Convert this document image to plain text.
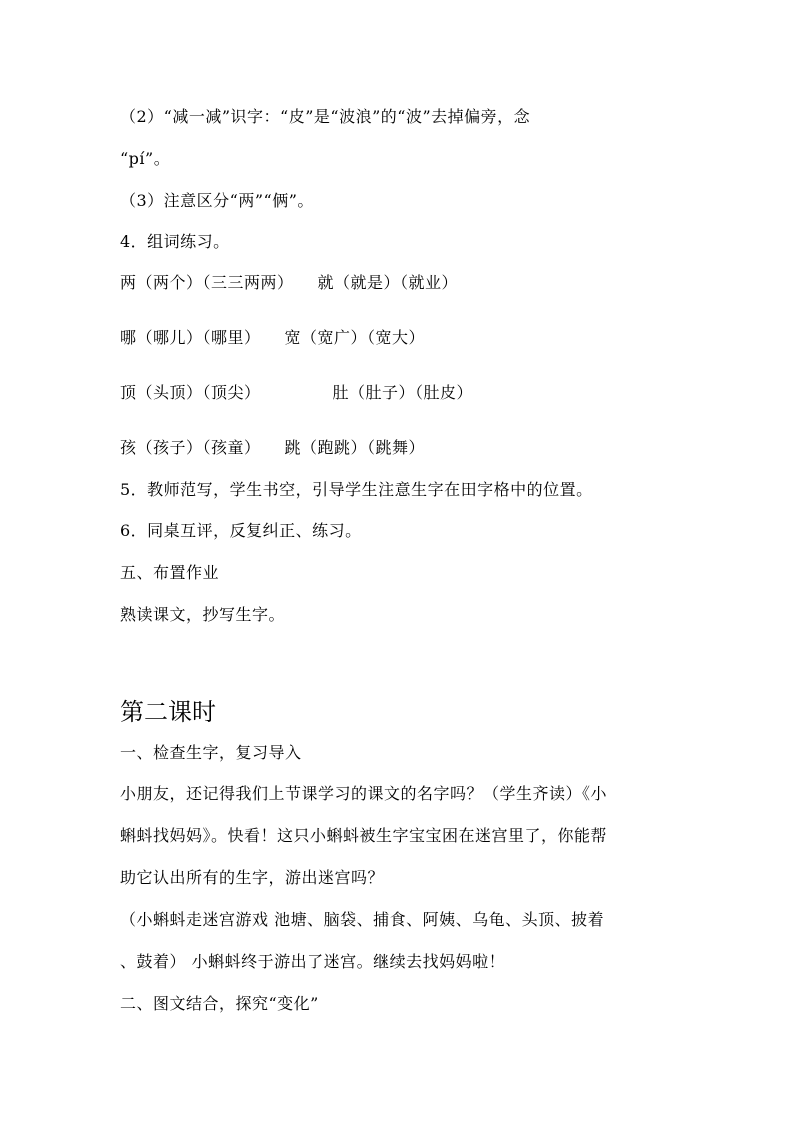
（2）“减一减”识字：“皮”是“波浪”的“波”去掉偏旁，念
“pí”。
（3）注意区分“两”“俩”。
4．组词练习。
两（两个）（三三两两） 就（就是）（就业）
哪（哪儿）（哪里） 宽（宽广）（宽大）
顶（头顶）（顶尖）	肚（肚子）（肚皮）
孩（孩子）（孩童） 跳（跑跳）（跳舞）
5．教师范写，学生书空，引导学生注意生字在田字格中的位置。
6．同桌互评，反复纠正、练习。
五、布置作业
熟读课文，抄写生字。
第二课时
一、检查生字，复习导入
小朋友，还记得我们上节课学习的课文的名字吗？（学生齐读）《小
蝌蚪找妈妈》。快看！这只小蝌蚪被生字宝宝困在迷宫里了，你能帮
助它认出所有的生字，游出迷宫吗？
（小蝌蚪走迷宫游戏 池塘、脑袋、捕食、阿姨、乌龟、头顶、披着
、鼓着） 小蝌蚪终于游出了迷宫。继续去找妈妈啦！
二、图文结合，探究“变化”
